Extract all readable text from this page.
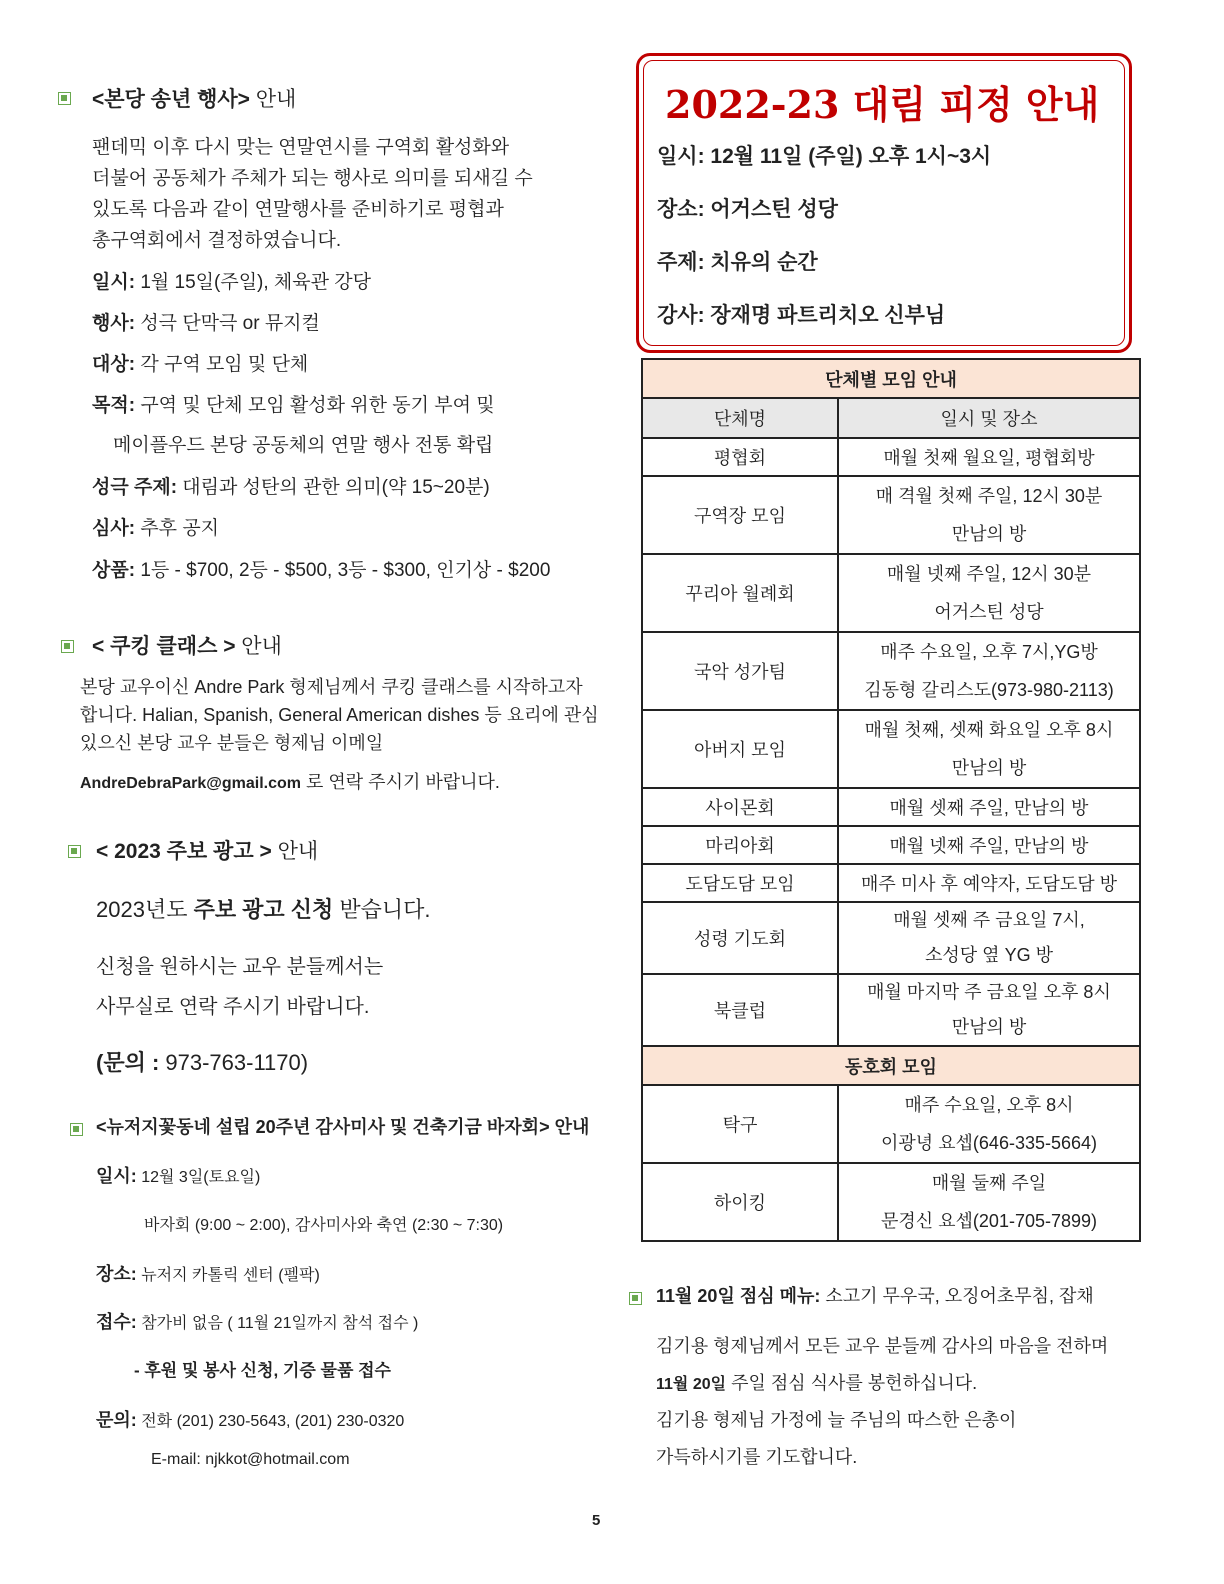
<본당 송년 행사> 안내
팬데믹 이후 다시 맞는 연말연시를 구역회 활성화와
더불어 공동체가 주체가 되는 행사로 의미를 되새길 수
있도록 다음과 같이 연말행사를 준비하기로 평협과
총구역회에서 결정하였습니다.
일시: 1월 15일(주일), 체육관 강당
행사: 성극 단막극 or 뮤지컬
대상: 각 구역 모임 및 단체
목적: 구역 및 단체 모임 활성화 위한 동기 부여 및
메이플우드 본당 공동체의 연말 행사 전통 확립
성극 주제: 대림과 성탄의 관한 의미(약 15~20분)
심사: 추후 공지
상품: 1등 - $700, 2등 - $500, 3등 - $300, 인기상 - $200
< 쿠킹 클래스 > 안내
본당 교우이신 Andre Park 형제님께서 쿠킹 클래스를 시작하고자
합니다. Halian, Spanish, General American dishes 등 요리에 관심
있으신 본당 교우 분들은 형제님 이메일
AndreDebraPark@gmail.com 로 연락 주시기 바랍니다.
< 2023 주보 광고 > 안내
2023년도 주보 광고 신청 받습니다.
신청을 원하시는 교우 분들께서는
사무실로 연락 주시기 바랍니다.
(문의 : 973-763-1170)
<뉴저지꽃동네 설립 20주년 감사미사 및 건축기금 바자회> 안내
일시: 12월 3일(토요일)
바자회 (9:00 ~ 2:00), 감사미사와 축연 (2:30 ~ 7:30)
장소: 뉴저지 카톨릭 센터 (펠팍)
접수: 참가비 없음 ( 11월 21일까지 참석 접수 )
- 후원 및 봉사 신청, 기증 물품 접수
문의: 전화 (201) 230-5643, (201) 230-0320
E-mail: njkkot@hotmail.com
2022-23 대림 피정 안내
일시: 12월 11일 (주일) 오후 1시~3시
장소: 어거스틴 성당
주제: 치유의 순간
강사: 장재명 파트리치오 신부님
단체별 모임 안내	
단체명	일시 및 장소
평협회	매월 첫째 월요일, 평협회방
구역장 모임	매 격월 첫째 주일, 12시 30분
만남의 방

꾸리아 월례회	매월 넷째 주일, 12시 30분
어거스틴 성당

국악 성가팀	매주 수요일, 오후 7시,YG방
김동형 갈리스도(973-980-2113)

아버지 모임	매월 첫째, 셋째 화요일 오후 8시
만남의 방

사이몬회	매월 셋째 주일, 만남의 방
마리아회	매월 넷째 주일, 만남의 방
도담도담 모임	매주 미사 후 예약자, 도담도담 방
성령 기도회	매월 셋째 주 금요일 7시,
소성당 옆 YG 방

북클럽	매월 마지막 주 금요일 오후 8시
만남의 방

동호회 모임	
탁구	매주 수요일, 오후 8시
이광녕 요셉(646-335-5664)

하이킹	매월 둘째 주일
문경신 요셉(201-705-7899)
11월 20일 점심 메뉴: 소고기 무우국, 오징어초무침, 잡채
김기용 형제님께서 모든 교우 분들께 감사의 마음을 전하며
11월 20일 주일 점심 식사를 봉헌하십니다.
김기용 형제님 가정에 늘 주님의 따스한 은총이
가득하시기를 기도합니다.
5
